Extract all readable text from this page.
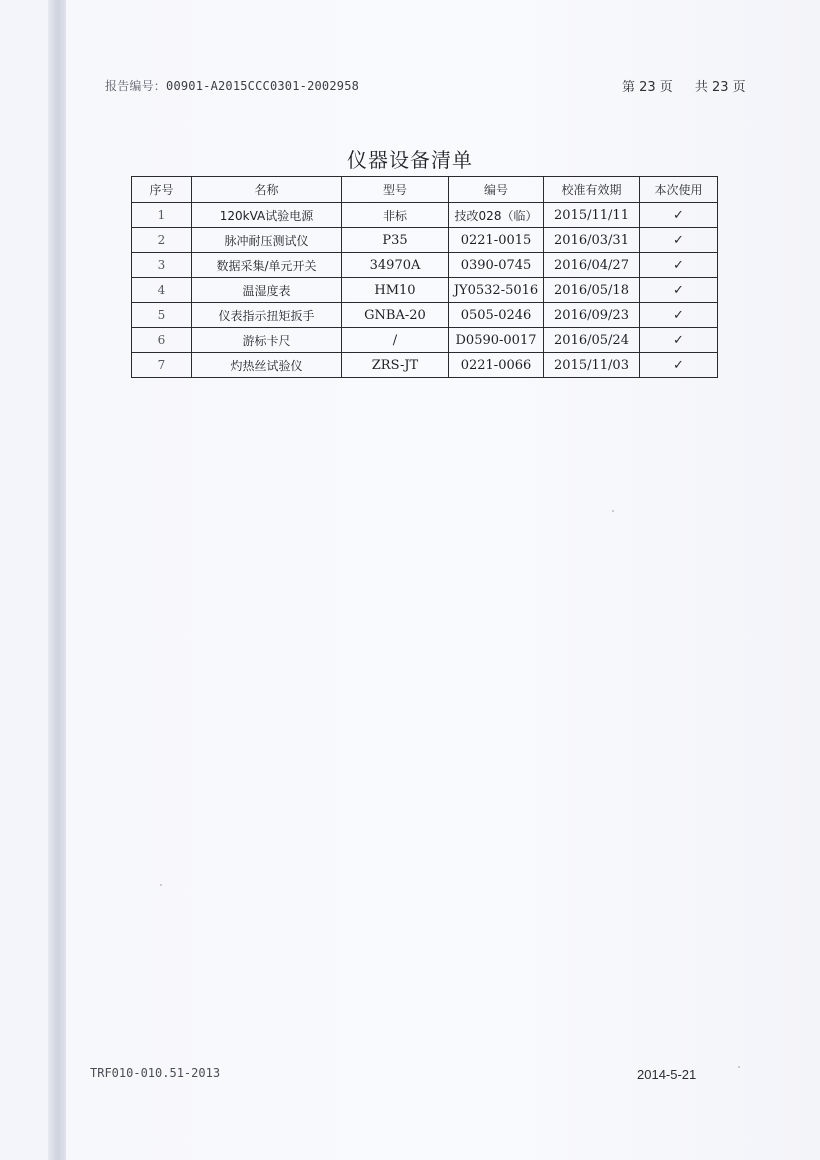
报告编号：00901-A2015CCC0301-2002958	第 23 页 共 23 页
仪器设备清单
序号	名称	型号	编号	校准有效期	本次使用
1	120kVA试验电源	非标	技改028（临）	2015/11/11	✓
2	脉冲耐压测试仪	P35	0221-0015	2016/03/31	✓
3	数据采集/单元开关	34970A	0390-0745	2016/04/27	✓
4	温湿度表	HM10	JY0532-5016	2016/05/18	✓
5	仪表指示扭矩扳手	GNBA-20	0505-0246	2016/09/23	✓
6	游标卡尺	/	D0590-0017	2016/05/24	✓
7	灼热丝试验仪	ZRS-JT	0221-0066	2015/11/03	✓
TRF010-010.51-2013	2014-5-21
